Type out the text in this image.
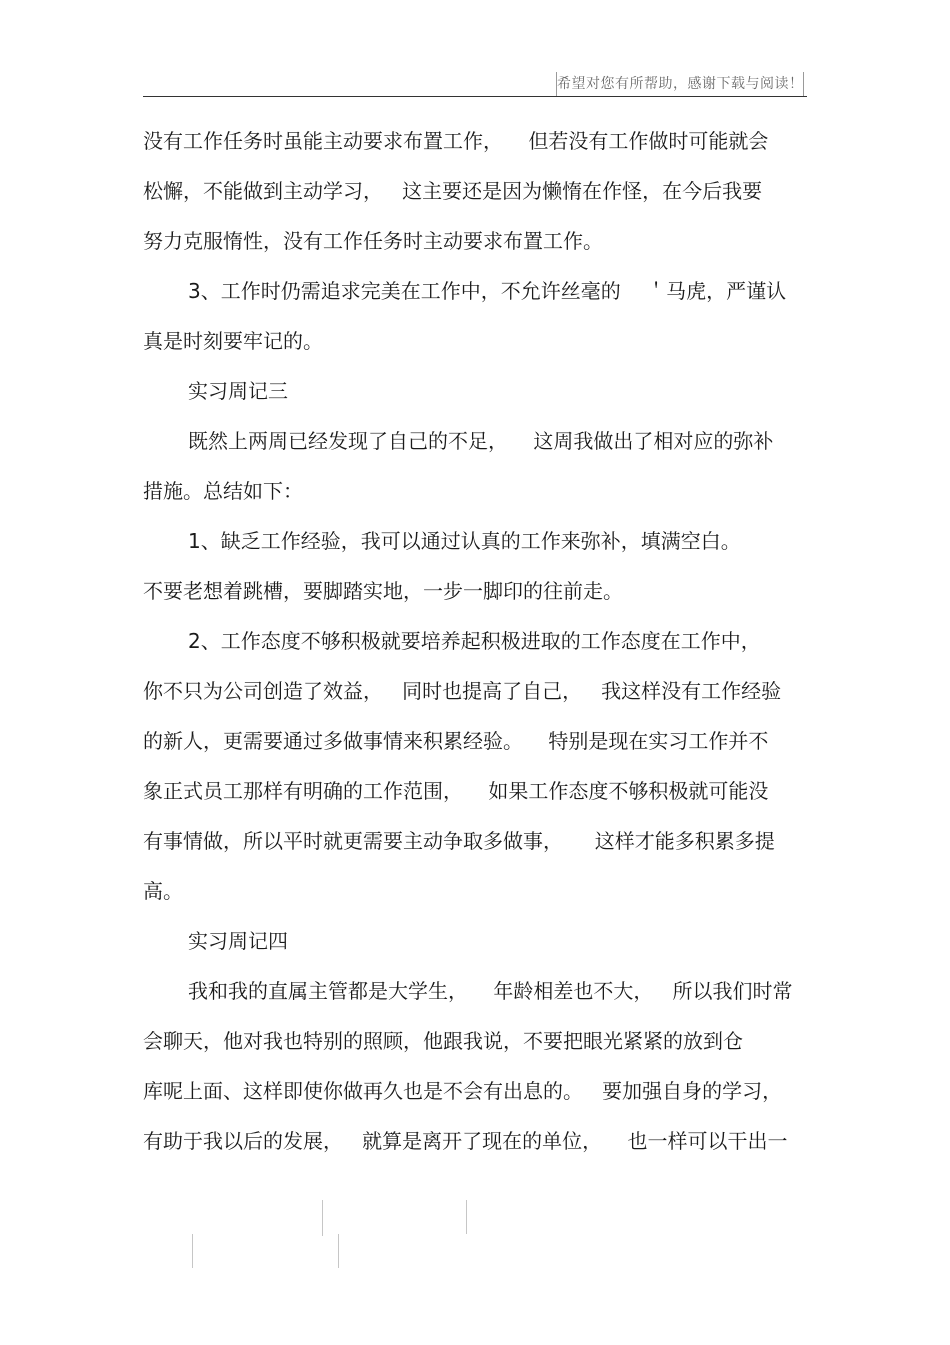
希望对您有所帮助，感谢下载与阅读！
没有工作任务时虽能主动要求布置工作，    但若没有工作做时可能就会
松懈，不能做到主动学习，   这主要还是因为懒惰在作怪，在今后我要
努力克服惰性，没有工作任务时主动要求布置工作。
3、工作时仍需追求完美在工作中，不允许丝毫的    ＇马虎，严谨认
真是时刻要牢记的。
实习周记三
既然上两周已经发现了自己的不足，    这周我做出了相对应的弥补
措施。总结如下：
1、缺乏工作经验，我可以通过认真的工作来弥补，填满空白。
不要老想着跳槽，要脚踏实地，一步一脚印的往前走。
2、工作态度不够积极就要培养起积极进取的工作态度在工作中，
你不只为公司创造了效益，   同时也提高了自己，   我这样没有工作经验
的新人，更需要通过多做事情来积累经验。    特别是现在实习工作并不
象正式员工那样有明确的工作范围，    如果工作态度不够积极就可能没
有事情做，所以平时就更需要主动争取多做事，     这样才能多积累多提
高。
实习周记四
我和我的直属主管都是大学生，    年龄相差也不大，   所以我们时常
会聊天，他对我也特别的照顾，他跟我说，不要把眼光紧紧的放到仓
库呢上面、这样即使你做再久也是不会有出息的。   要加强自身的学习，
有助于我以后的发展，   就算是离开了现在的单位，    也一样可以干出一
